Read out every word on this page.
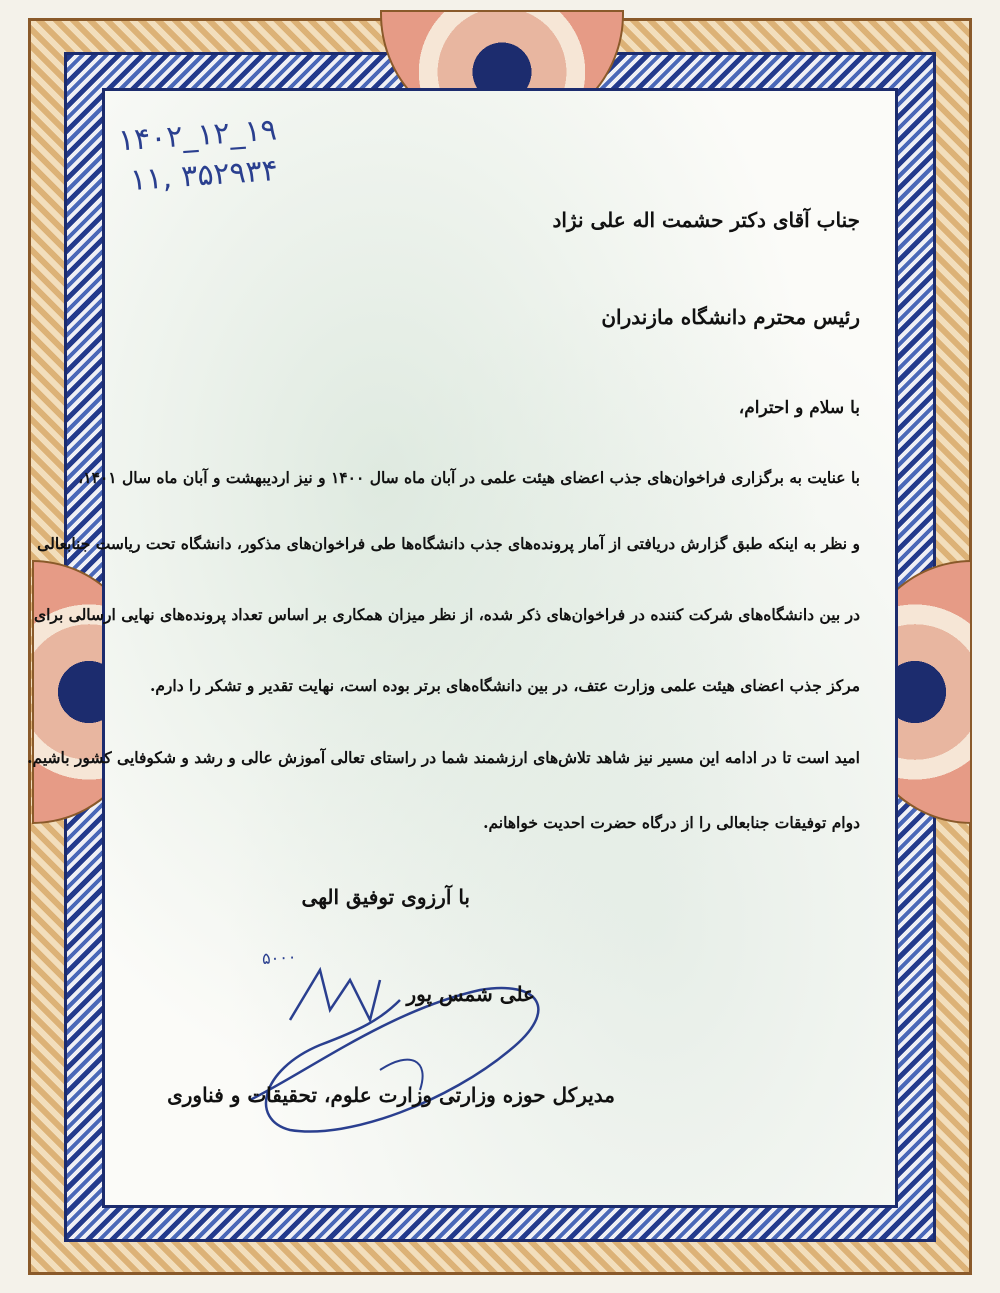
۱۴۰۲_۱۲_۱۹
۱۱, ۳۵۲۹۳۴
جناب آقای دکتر حشمت اله علی نژاد
رئیس محترم دانشگاه مازندران
با سلام و احترام،
با عنایت به برگزاری فراخوان‌های جذب اعضای هیئت علمی در آبان ماه سال ۱۴۰۰ و نیز اردیبهشت و آبان ماه سال ۱۴۰۱،
و نظر به اینکه طبق گزارش دریافتی از آمار پرونده‌های جذب دانشگاه‌ها طی فراخوان‌های مذکور، دانشگاه تحت ریاست جنابعالی
در بین دانشگاه‌های شرکت کننده در فراخوان‌های ذکر شده، از نظر میزان همکاری بر اساس تعداد پرونده‌های نهایی ارسالی برای
مرکز جذب اعضای هیئت علمی وزارت عتف، در بین دانشگاه‌های برتر بوده است، نهایت تقدیر و تشکر را دارم.
امید است تا در ادامه این مسیر نیز شاهد تلاش‌های ارزشمند شما در راستای تعالی آموزش عالی و رشد و شکوفایی کشور باشیم.
دوام توفیقات جنابعالی را از درگاه حضرت احدیت خواهانم.
با آرزوی توفیق الهی
۵۰۰۰
علی شمس پور
مدیرکل حوزه وزارتی وزارت علوم، تحقیقات و فناوری
